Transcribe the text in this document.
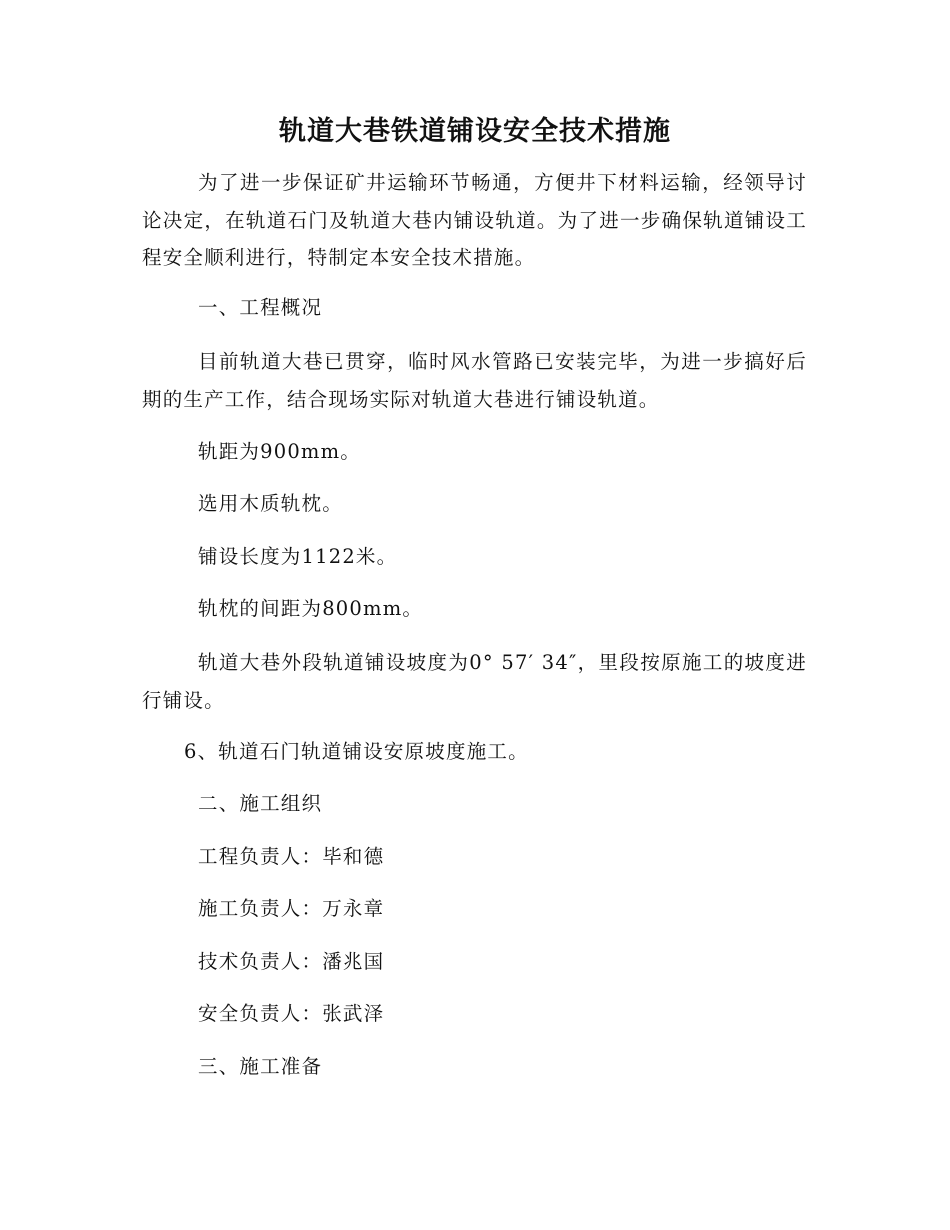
轨道大巷铁道铺设安全技术措施

为了进一步保证矿井运输环节畅通，方便井下材料运输，经领导讨论决定，在轨道石门及轨道大巷内铺设轨道。为了进一步确保轨道铺设工程安全顺利进行，特制定本安全技术措施。

一、工程概况

目前轨道大巷已贯穿，临时风水管路已安装完毕，为进一步搞好后期的生产工作，结合现场实际对轨道大巷进行铺设轨道。

轨距为900mm。

选用木质轨枕。

铺设长度为1122米。

轨枕的间距为800mm。

轨道大巷外段轨道铺设坡度为0° 57′ 34″，里段按原施工的坡度进行铺设。

6、轨道石门轨道铺设安原坡度施工。

二、施工组织

工程负责人：毕和德

施工负责人：万永章

技术负责人：潘兆国

安全负责人：张武泽

三、施工准备
